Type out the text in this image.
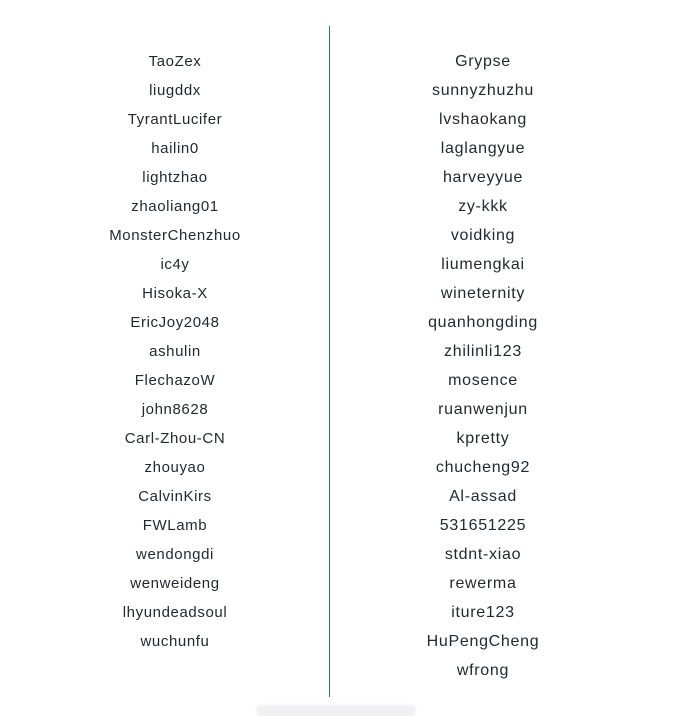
TaoZex
liugddx
TyrantLucifer
hailin0
lightzhao
zhaoliang01
MonsterChenzhuo
ic4y
Hisoka-X
EricJoy2048
ashulin
FlechazoW
john8628
Carl-Zhou-CN
zhouyao
CalvinKirs
FWLamb
wendongdi
wenweideng
lhyundeadsoul
wuchunfu
Grypse
sunnyzhuzhu
lvshaokang
laglangyue
harveyyue
zy-kkk
voidking
liumengkai
wineternity
quanhongding
zhilinli123
mosence
ruanwenjun
kpretty
chucheng92
Al-assad
531651225
stdnt-xiao
rewerma
iture123
HuPengCheng
wfrong
